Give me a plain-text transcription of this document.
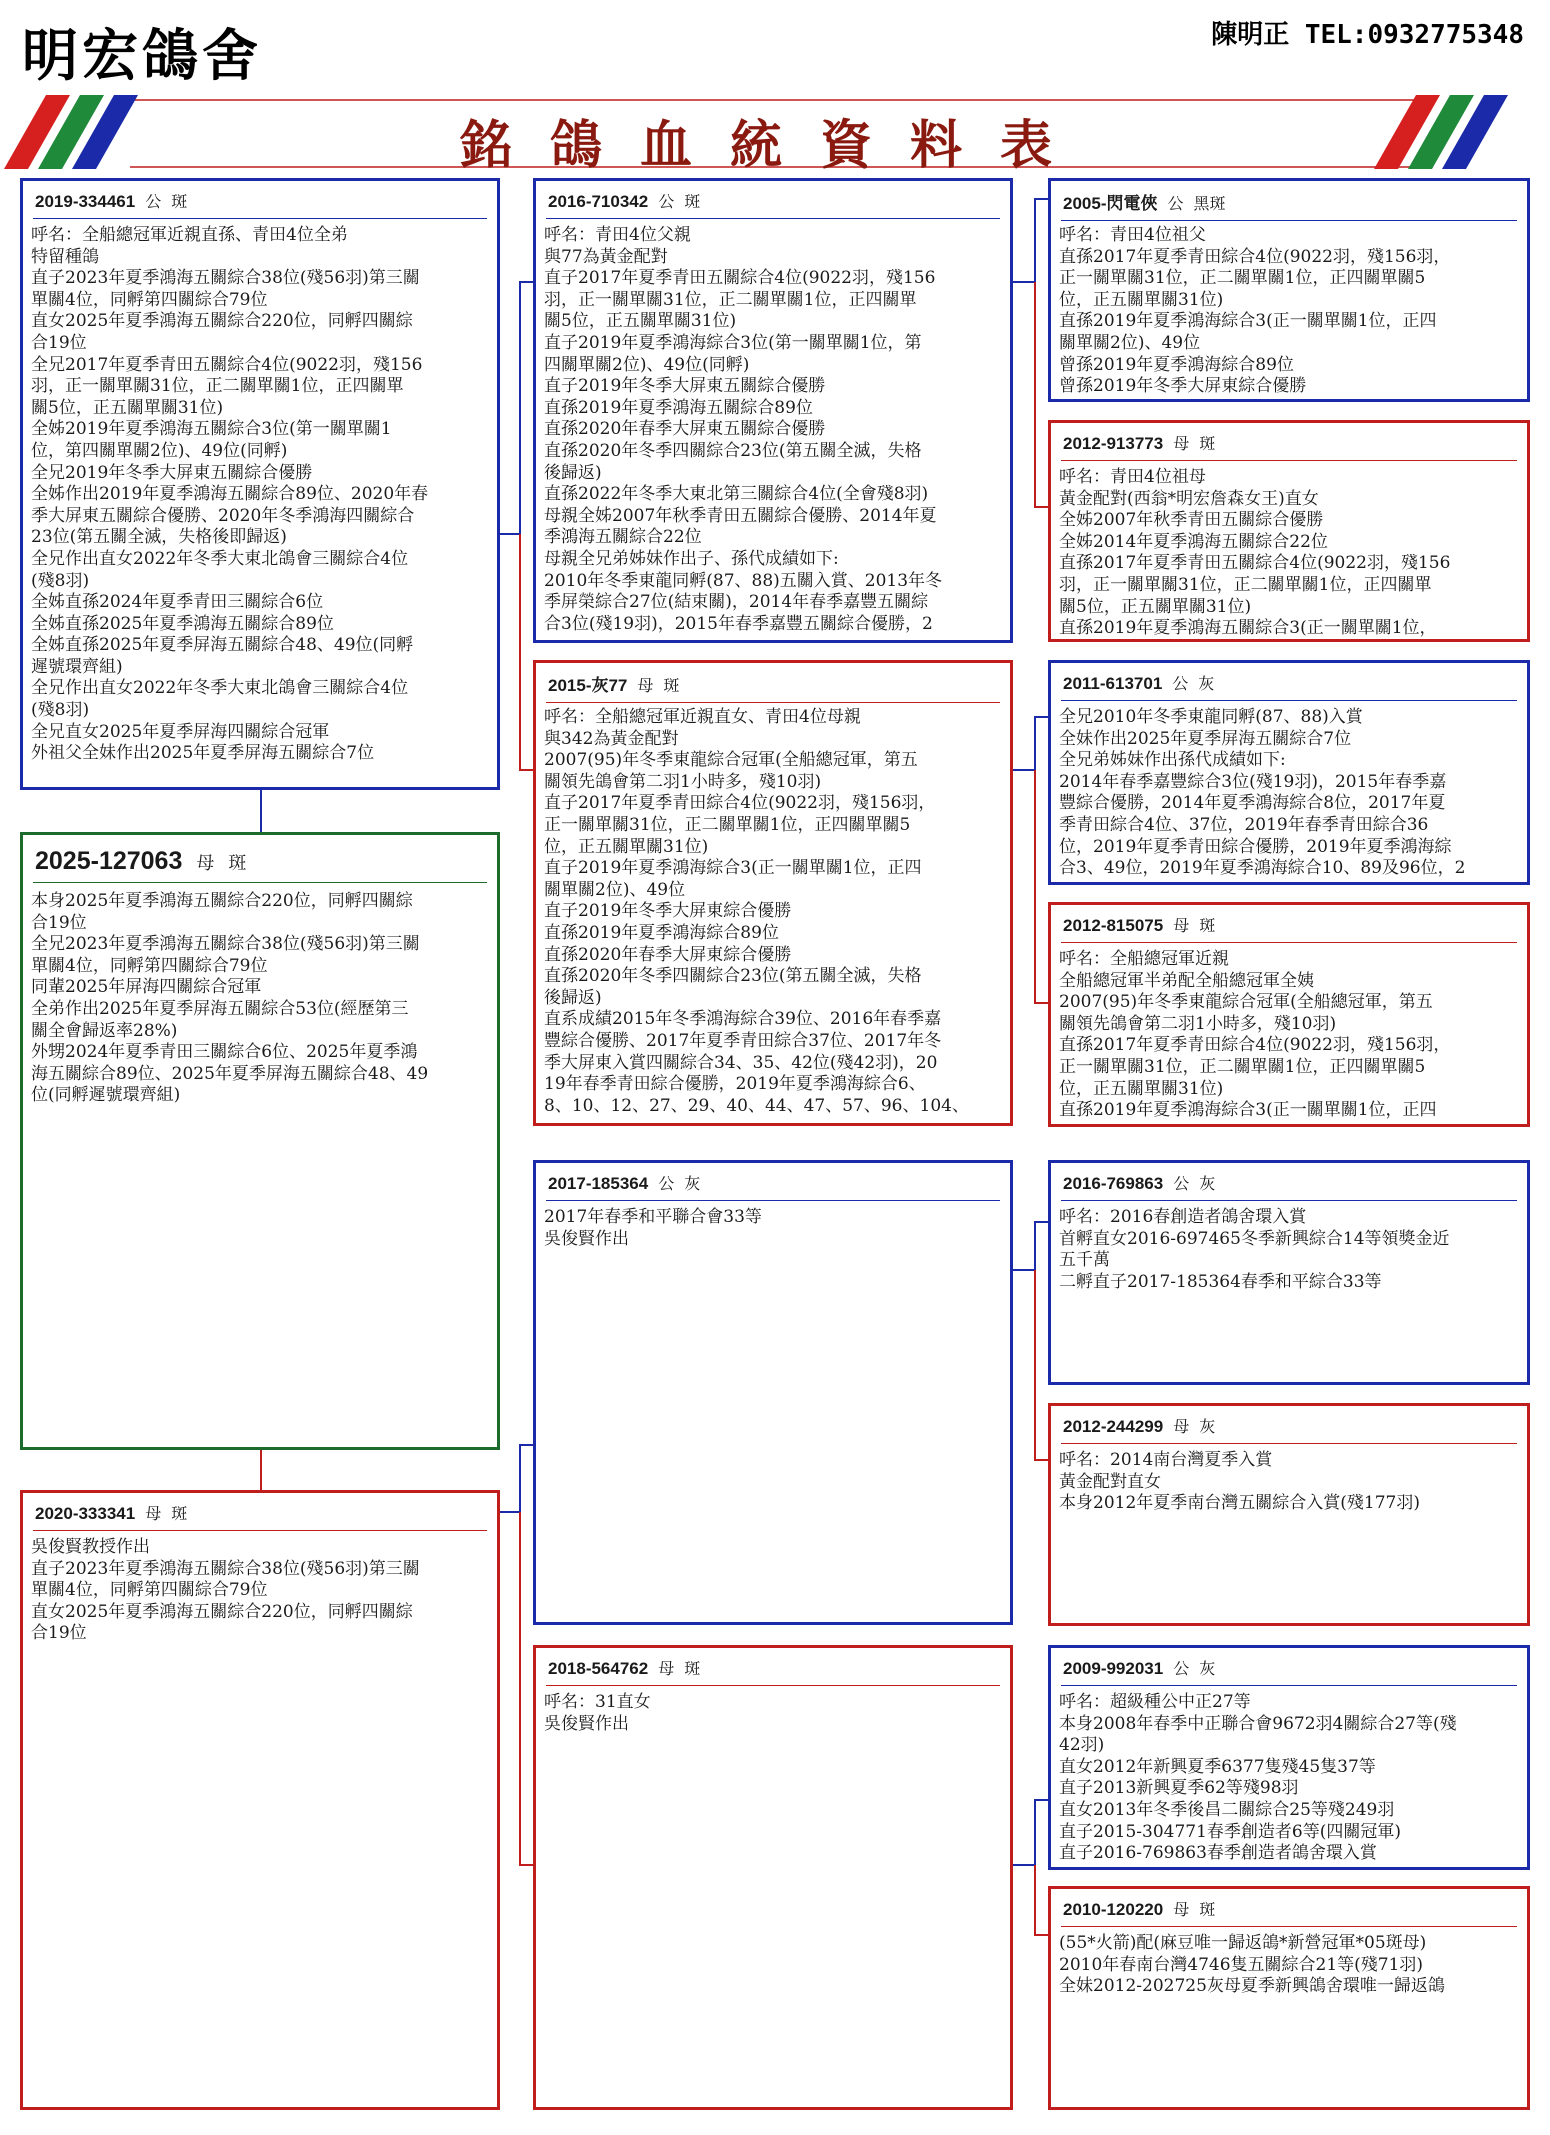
明宏鴿舍	陳明正 TEL:0932775348
銘鴿血統資料表
2019-334461 公 斑
呼名：全船總冠軍近親直孫、青田4位全弟
特留種鴿
直子2023年夏季鴻海五關綜合38位(殘56羽)第三關
單關4位，同孵第四關綜合79位
直女2025年夏季鴻海五關綜合220位，同孵四關綜
合19位
全兄2017年夏季青田五關綜合4位(9022羽，殘156
羽，正一關單關31位，正二關單關1位，正四關單
關5位，正五關單關31位)
全姊2019年夏季鴻海五關綜合3位(第一關單關1
位，第四關單關2位)、49位(同孵)
全兄2019年冬季大屏東五關綜合優勝
全姊作出2019年夏季鴻海五關綜合89位、2020年春
季大屏東五關綜合優勝、2020年冬季鴻海四關綜合
23位(第五關全滅，失格後即歸返)
全兄作出直女2022年冬季大東北鴿會三關綜合4位
(殘8羽)
全姊直孫2024年夏季青田三關綜合6位
全姊直孫2025年夏季鴻海五關綜合89位
全姊直孫2025年夏季屏海五關綜合48、49位(同孵
遲號環齊組)
全兄作出直女2022年冬季大東北鴿會三關綜合4位
(殘8羽)
全兄直女2025年夏季屏海四關綜合冠軍
外祖父全妹作出2025年夏季屏海五關綜合7位
2025-127063 母 斑
本身2025年夏季鴻海五關綜合220位，同孵四關綜
合19位
全兄2023年夏季鴻海五關綜合38位(殘56羽)第三關
單關4位，同孵第四關綜合79位
同輩2025年屏海四關綜合冠軍
全弟作出2025年夏季屏海五關綜合53位(經歷第三
關全會歸返率28%)
外甥2024年夏季青田三關綜合6位、2025年夏季鴻
海五關綜合89位、2025年夏季屏海五關綜合48、49
位(同孵遲號環齊組)
2020-333341 母 斑
吳俊賢教授作出
直子2023年夏季鴻海五關綜合38位(殘56羽)第三關
單關4位，同孵第四關綜合79位
直女2025年夏季鴻海五關綜合220位，同孵四關綜
合19位
2016-710342 公 斑
呼名：青田4位父親
與77為黃金配對
直子2017年夏季青田五關綜合4位(9022羽，殘156
羽，正一關單關31位，正二關單關1位，正四關單
關5位，正五關單關31位)
直子2019年夏季鴻海綜合3位(第一關單關1位，第
四關單關2位)、49位(同孵)
直子2019年冬季大屏東五關綜合優勝
直孫2019年夏季鴻海五關綜合89位
直孫2020年春季大屏東五關綜合優勝
直孫2020年冬季四關綜合23位(第五關全滅，失格
後歸返)
直孫2022年冬季大東北第三關綜合4位(全會殘8羽)
母親全姊2007年秋季青田五關綜合優勝、2014年夏
季鴻海五關綜合22位
母親全兄弟姊妹作出子、孫代成績如下:
2010年冬季東龍同孵(87、88)五關入賞、2013年冬
季屏榮綜合27位(結束關)，2014年春季嘉豐五關綜
合3位(殘19羽)，2015年春季嘉豐五關綜合優勝，2
2015-灰77 母 斑
呼名：全船總冠軍近親直女、青田4位母親
與342為黃金配對
2007(95)年冬季東龍綜合冠軍(全船總冠軍，第五
關領先鴿會第二羽1小時多，殘10羽)
直子2017年夏季青田綜合4位(9022羽，殘156羽，
正一關單關31位，正二關單關1位，正四關單關5
位，正五關單關31位)
直子2019年夏季鴻海綜合3(正一關單關1位，正四
關單關2位)、49位
直子2019年冬季大屏東綜合優勝
直孫2019年夏季鴻海綜合89位
直孫2020年春季大屏東綜合優勝
直孫2020年冬季四關綜合23位(第五關全滅，失格
後歸返)
直系成績2015年冬季鴻海綜合39位、2016年春季嘉
豐綜合優勝、2017年夏季青田綜合37位、2017年冬
季大屏東入賞四關綜合34、35、42位(殘42羽)，20
19年春季青田綜合優勝，2019年夏季鴻海綜合6、
8、10、12、27、29、40、44、47、57、96、104、
2017-185364 公 灰
2017年春季和平聯合會33等
吳俊賢作出
2018-564762 母 斑
呼名：31直女
吳俊賢作出
2005-閃電俠 公 黑斑
呼名：青田4位祖父
直孫2017年夏季青田綜合4位(9022羽，殘156羽，
正一關單關31位，正二關單關1位，正四關單關5
位，正五關單關31位)
直孫2019年夏季鴻海綜合3(正一關單關1位，正四
關單關2位)、49位
曾孫2019年夏季鴻海綜合89位
曾孫2019年冬季大屏東綜合優勝
2012-913773 母 斑
呼名：青田4位祖母
黃金配對(西翁*明宏詹森女王)直女
全姊2007年秋季青田五關綜合優勝
全姊2014年夏季鴻海五關綜合22位
直孫2017年夏季青田五關綜合4位(9022羽，殘156
羽，正一關單關31位，正二關單關1位，正四關單
關5位，正五關單關31位)
直孫2019年夏季鴻海五關綜合3(正一關單關1位，
2011-613701 公 灰
全兄2010年冬季東龍同孵(87、88)入賞
全妹作出2025年夏季屏海五關綜合7位
全兄弟姊妹作出孫代成績如下:
2014年春季嘉豐綜合3位(殘19羽)，2015年春季嘉
豐綜合優勝，2014年夏季鴻海綜合8位，2017年夏
季青田綜合4位、37位，2019年春季青田綜合36
位，2019年夏季青田綜合優勝，2019年夏季鴻海綜
合3、49位，2019年夏季鴻海綜合10、89及96位，2
2012-815075 母 斑
呼名：全船總冠軍近親
全船總冠軍半弟配全船總冠軍全姨
2007(95)年冬季東龍綜合冠軍(全船總冠軍，第五
關領先鴿會第二羽1小時多，殘10羽)
直孫2017年夏季青田綜合4位(9022羽，殘156羽，
正一關單關31位，正二關單關1位，正四關單關5
位，正五關單關31位)
直孫2019年夏季鴻海綜合3(正一關單關1位，正四
2016-769863 公 灰
呼名：2016春創造者鴿舍環入賞
首孵直女2016-697465冬季新興綜合14等領獎金近
五千萬
二孵直子2017-185364春季和平綜合33等
2012-244299 母 灰
呼名：2014南台灣夏季入賞
黃金配對直女
本身2012年夏季南台灣五關綜合入賞(殘177羽)
2009-992031 公 灰
呼名：超級種公中正27等
本身2008年春季中正聯合會9672羽4關綜合27等(殘
42羽)
直女2012年新興夏季6377隻殘45隻37等
直子2013新興夏季62等殘98羽
直女2013年冬季後昌二關綜合25等殘249羽
直子2015-304771春季創造者6等(四關冠軍)
直子2016-769863春季創造者鴿舍環入賞
2010-120220 母 斑
(55*火箭)配(麻豆唯一歸返鴿*新營冠軍*05斑母)
2010年春南台灣4746隻五關綜合21等(殘71羽)
全妹2012-202725灰母夏季新興鴿舍環唯一歸返鴿
